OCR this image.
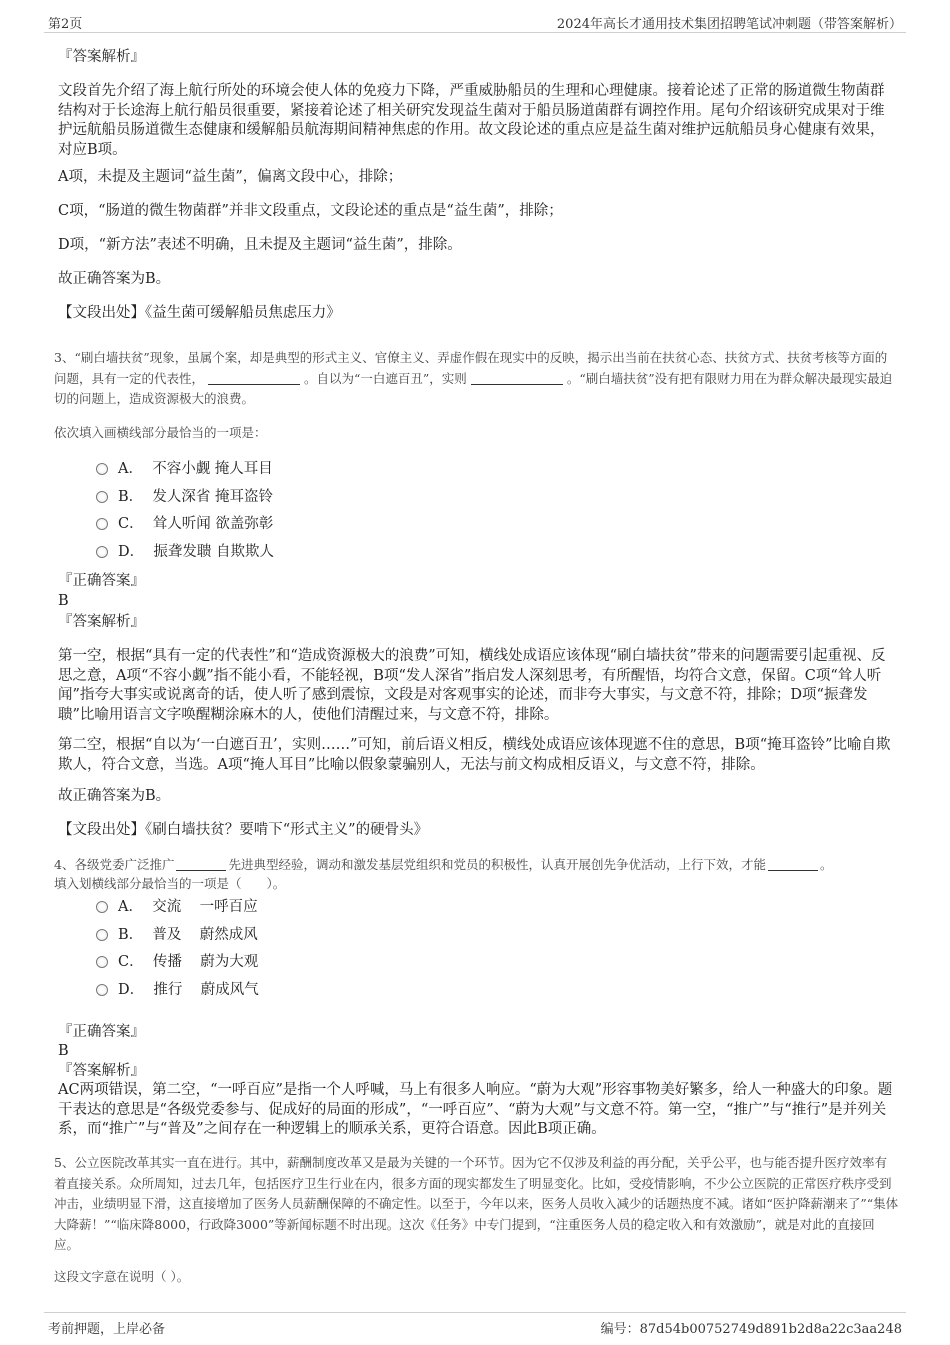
第2页	2024年高长才通用技术集团招聘笔试冲刺题（带答案解析）
『答案解析』

文段首先介绍了海上航行所处的环境会使人体的免疫力下降，严重威胁船员的生理和心理健康。接着论述了正常的肠道微生物菌群结构对于长途海上航行船员很重要，紧接着论述了相关研究发现益生菌对于船员肠道菌群有调控作用。尾句介绍该研究成果对于维护远航船员肠道微生态健康和缓解船员航海期间精神焦虑的作用。故文段论述的重点应是益生菌对维护远航船员身心健康有效果，对应B项。

A项，未提及主题词“益生菌”，偏离文段中心，排除；

C项，“肠道的微生物菌群”并非文段重点，文段论述的重点是“益生菌”，排除；

D项，“新方法”表述不明确，且未提及主题词“益生菌”，排除。

故正确答案为B。

【文段出处】《益生菌可缓解船员焦虑压力》

3、“刷白墙扶贫”现象，虽属个案，却是典型的形式主义、官僚主义、弄虚作假在现实中的反映，揭示出当前在扶贫心态、扶贫方式、扶贫考核等方面的问题，具有一定的代表性，	。自以为“一白遮百丑”，实则	。“刷白墙扶贫”没有把有限财力用在为群众解决最现实最迫切的问题上，造成资源极大的浪费。

依次填入画横线部分最恰当的一项是：

A．  不容小觑 掩人耳目
B．  发人深省 掩耳盗铃
C．  耸人听闻 欲盖弥彰
D．  振聋发聩 自欺欺人
『正确答案』
B
『答案解析』

第一空，根据“具有一定的代表性”和“造成资源极大的浪费”可知，横线处成语应该体现“刷白墙扶贫”带来的问题需要引起重视、反思之意，A项“不容小觑”指不能小看，不能轻视，B项“发人深省”指启发人深刻思考，有所醒悟，均符合文意，保留。C项“耸人听闻”指夸大事实或说离奇的话，使人听了感到震惊，文段是对客观事实的论述，而非夸大事实，与文意不符，排除；D项“振聋发聩”比喻用语言文字唤醒糊涂麻木的人，使他们清醒过来，与文意不符，排除。

第二空，根据“自以为‘一白遮百丑’，实则……”可知，前后语义相反，横线处成语应该体现遮不住的意思，B项“掩耳盗铃”比喻自欺欺人，符合文意，当选。A项“掩人耳目”比喻以假象蒙骗别人，无法与前文构成相反语义，与文意不符，排除。

故正确答案为B。

【文段出处】《刷白墙扶贫？要啃下“形式主义”的硬骨头》

4、各级党委广泛推广	先进典型经验，调动和激发基层党组织和党员的积极性，认真开展创先争优活动，上行下效，才能	。

填入划横线部分最恰当的一项是（　　）。

A．  交流    一呼百应
B．  普及    蔚然成风
C．  传播    蔚为大观
D．  推行    蔚成风气
『正确答案』
B
『答案解析』

AC两项错误，第二空，“一呼百应”是指一个人呼喊，马上有很多人响应。“蔚为大观”形容事物美好繁多，给人一种盛大的印象。题干表达的意思是“各级党委参与、促成好的局面的形成”，“一呼百应”、“蔚为大观”与文意不符。第一空，“推广”与“推行”是并列关系，而“推广”与“普及”之间存在一种逻辑上的顺承关系，更符合语意。因此B项正确。

5、公立医院改革其实一直在进行。其中，薪酬制度改革又是最为关键的一个环节。因为它不仅涉及利益的再分配，关乎公平，也与能否提升医疗效率有着直接关系。众所周知，过去几年，包括医疗卫生行业在内，很多方面的现实都发生了明显变化。比如，受疫情影响，不少公立医院的正常医疗秩序受到冲击，业绩明显下滑，这直接增加了医务人员薪酬保障的不确定性。以至于，今年以来，医务人员收入减少的话题热度不减。诸如“医护降薪潮来了”“集体大降薪！”“临床降8000，行政降3000”等新闻标题不时出现。这次《任务》中专门提到，“注重医务人员的稳定收入和有效激励”，就是对此的直接回应。

这段文字意在说明（ ）。

考前押题，上岸必备	编号：87d54b00752749d891b2d8a22c3aa248
